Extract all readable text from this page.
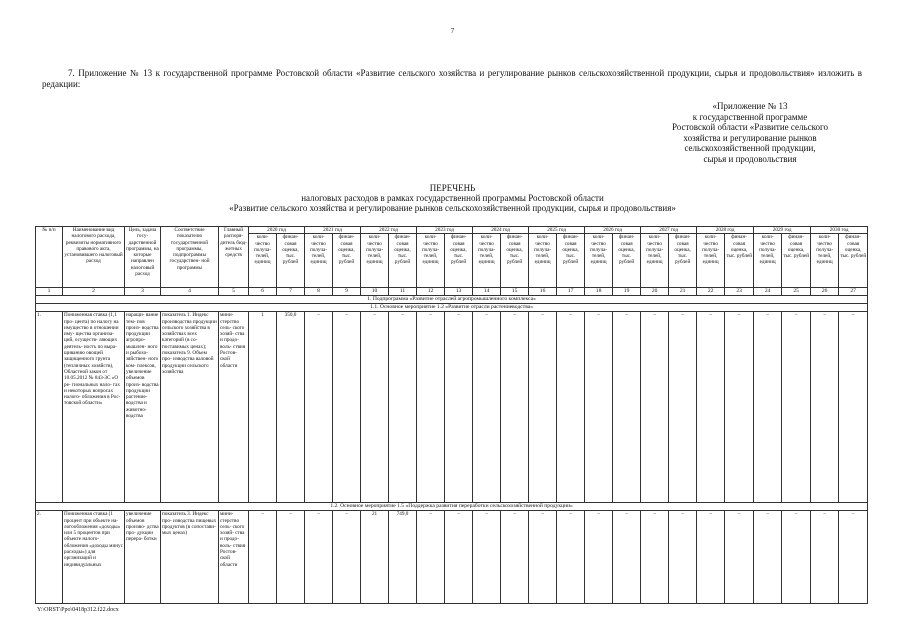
7
7. Приложение № 13 к государственной программе Ростовской области «Развитие сельского хозяйства и регулирование рынков сельскохозяйственной продукции, сырья и продовольствия» изложить в редакции:
«Приложение № 13
к государственной программе
Ростовской области «Развитие сельского
хозяйства и регулирование рынков
сельскохозяйственной продукции,
сырья и продовольствия
ПЕРЕЧЕНЬ
налоговых расходов в рамках государственной программы Ростовской области
«Развитие сельского хозяйства и регулирование рынков сельскохозяйственной продукции, сырья и продовольствия»
№ п/п	Наименование вид налогового расхода, реквизиты нормативного правового акта, установившего налоговый расход	Цель, задача госу- дарственной программы, на которые направлен налоговый расход	Соответствие показателю государственной программы, подпрограммы государствен- ной программы	Главный распоря- дитель бюд- жетных средств	2020 год		2021 год		2022 год		2023 год		2024 год		2025 год		2026 год		2027 год		2028 год		2029 год		2030 год	
					коли- чество получа- телей, единиц	финан- совая оценка, тыс. рублей	коли- чество получа- телей, единиц	финан- совая оценка, тыс. рублей	коли- чество получа- телей, единиц	финан- совая оценка, тыс. рублей	коли- чество получа- телей, единиц	финан- совая оценка, тыс. рублей	коли- чество получа- телей, единиц	финан- совая оценка, тыс. рублей	коли- чество получа- телей, единиц	финан- совая оценка, тыс. рублей	коли- чество получа- телей, единиц	финан- совая оценка, тыс. рублей	коли- чество получа- телей, единиц	финан- совая оценка, тыс. рублей	коли- чество получа- телей, единиц	финан- совая оценка, тыс. рублей	коли- чество получа- телей, единиц	финан- совая оценка, тыс. рублей	коли- чество получа- телей, единиц	финан- совая оценка, тыс. рублей
1	2	3	4	5	6	7	8	9	10	11	12	13	14	15	16	17	18	19	20	21	22	23	24	25	26	27
1. Подпрограмма «Развитие отраслей агропромышленного комплекса»																										
1.1. Основное мероприятие 1.2 «Развитие отрасли растениеводства»																										
1.	Пониженная ставка (1,1 про- цента) по налогу на имущество в отношении иму- щества организа- ций, осуществ- ляющих деятель- ность по выра- щиванию овощей защищенного грунта (тепличных хозяйств), Областной закон от 10.05.2012 № 843-ЗС «О ре- гиональных нало- гах и некоторых вопросах налого- обложения в Рос- товской области»	наращи- вание тем- пов произ- водства продукции агропро- мышлен- ного и рыбохо- зяйствен- ного ком- плексов, увеличение объемов произ- водства продукции растение- водства и животно- водства	показатель 1. Индекс производства продукции сельского хозяйства в хозяйствах всех категорий (в со- поставимых ценах); показатель 9. Объем про- изводства валовой продукции сельского хозяйства	мини- стерство сель- ского хозяй- ства и продо- воль- ствия Ростов- ской области	1	350,0	–	–	–	–	–	–	–	–	–	–	–	–	–	–	–	–	–	–	–	–
1.2. Основное мероприятие 1.5 «Поддержка развития переработки сельскохозяйственной продукции»																										
2.	Пониженная ставка (1 процент при объекте на- логообложения «доходы» или 5 процентов при объекте налого- обложения «доходы минус расходы») для организаций и индивидуальных	увеличение объемов произво- дства про- дукции перера- ботки	показатель 3. Индекс про- изводства пищевых продуктов (в сопостави- мых ценах)	мини- стерство сель- ского хозяй- ства и продо- воль- ствия Ростов- ской области	–	–	–	–	21	749,0	–	–	–	–	–	–	–	–	–	–	–	–	–	–	–	–
Y:\ORST\Ppo\0418p312.f22.docx
